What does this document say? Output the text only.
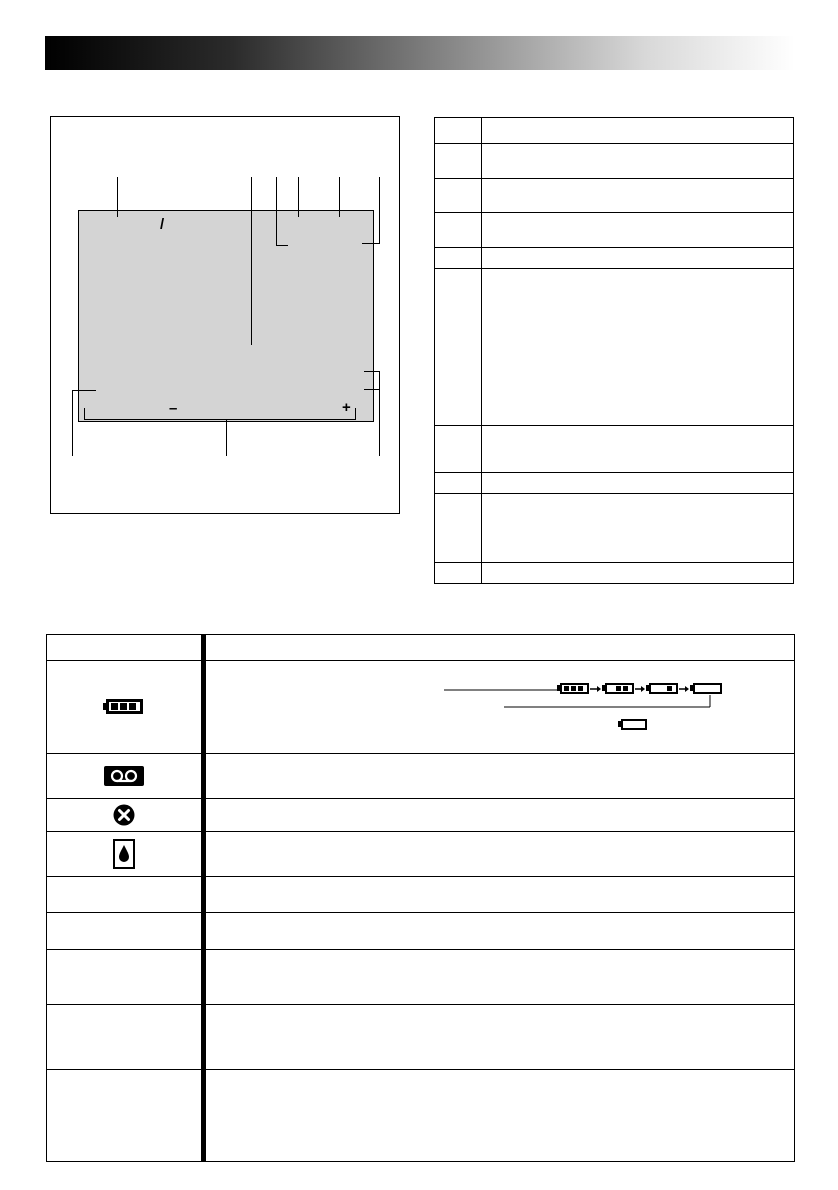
/
–	+
